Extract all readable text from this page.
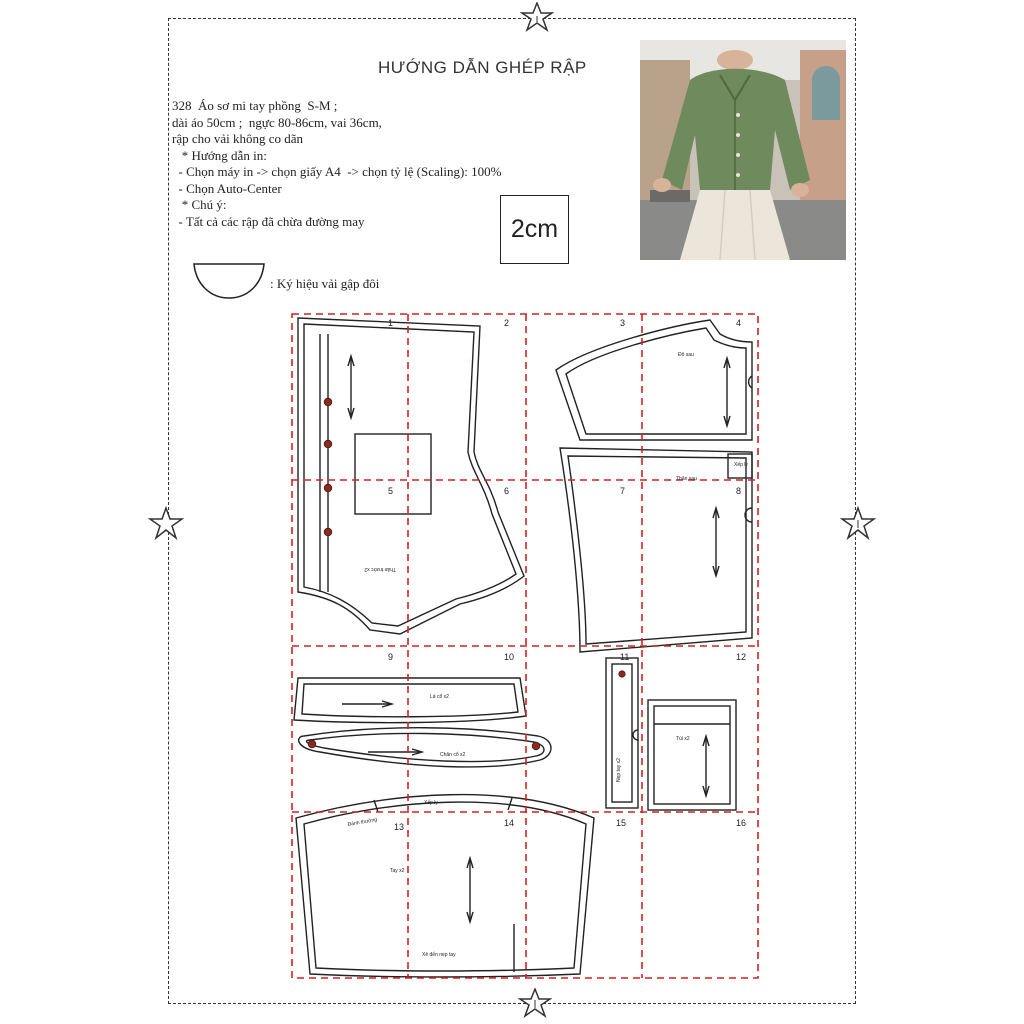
HƯỚNG DẪN GHÉP RẬP
328  Áo sơ mi tay phồng  S-M ;
dài áo 50cm ;  ngực 80-86cm, vai 36cm,
rập cho vải không co dãn
* Hướng dẫn in:
- Chọn máy in -> chọn giấy A4  -> chọn tỷ lệ (Scaling): 100%
- Chọn Auto-Center
* Chú ý:
- Tất cả các rập đã chừa đường may	2cm
: Ký hiệu vải gập đôi
1	2	3	4
5	6	7	8
9	10	11	12
13	14	15	16
Thân trước x2
Đô sau
Thân sau
Xếp ly
Lá cổ x2
Chân cổ x2
Nẹp tay x2
Túi x2
Tay x2
Xếp ly
Đánh thường
Xẻ đến nẹp tay
